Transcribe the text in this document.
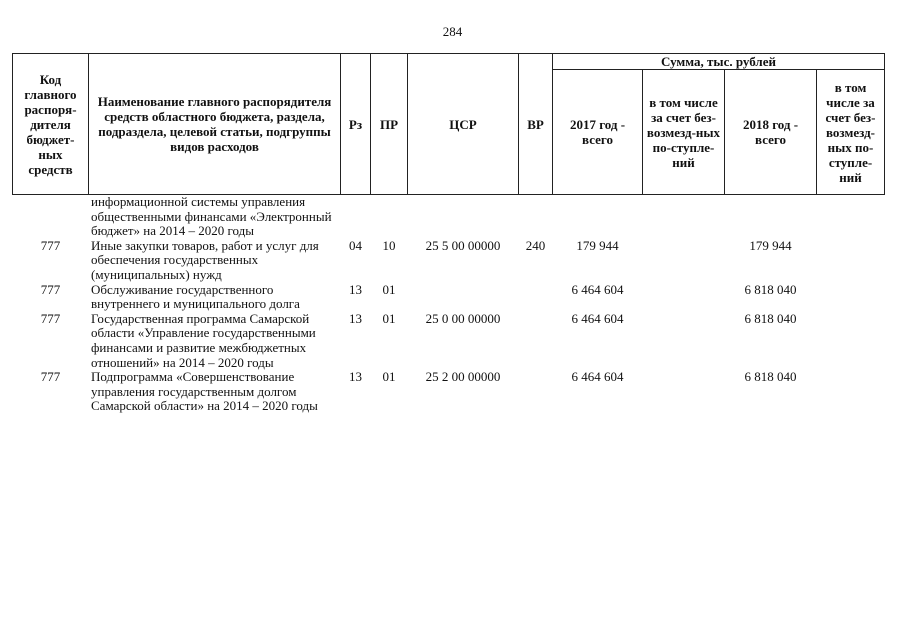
284
Код главного распоря-дителя бюджет-ных средств	Наименование главного распорядителя средств областного бюджета, раздела, подраздела, целевой статьи, подгруппы видов расходов	Рз	ПР	ЦСР	ВР	Сумма, тыс. рублей			
						2017 год - всего	в том числе за счет без-возмезд-ных по-ступле-ний	2018 год - всего	в том числе за счет без-возмезд-ных по-ступле-ний
	информационной системы управления общественными финансами «Электронный бюджет» на 2014 – 2020 годы								
777	Иные закупки товаров, работ и услуг для обеспечения государственных (муниципальных) нужд	04	10	25 5 00 00000	240	179 944		179 944	
777	Обслуживание государственного внутреннего и муниципального долга	13	01			6 464 604		6 818 040	
777	Государственная программа Самарской области «Управление государственными финансами и развитие межбюджетных отношений» на 2014 – 2020 годы	13	01	25 0 00 00000		6 464 604		6 818 040	
777	Подпрограмма «Совершенствование управления государственным долгом Самарской области» на 2014 – 2020 годы	13	01	25 2 00 00000		6 464 604		6 818 040	
